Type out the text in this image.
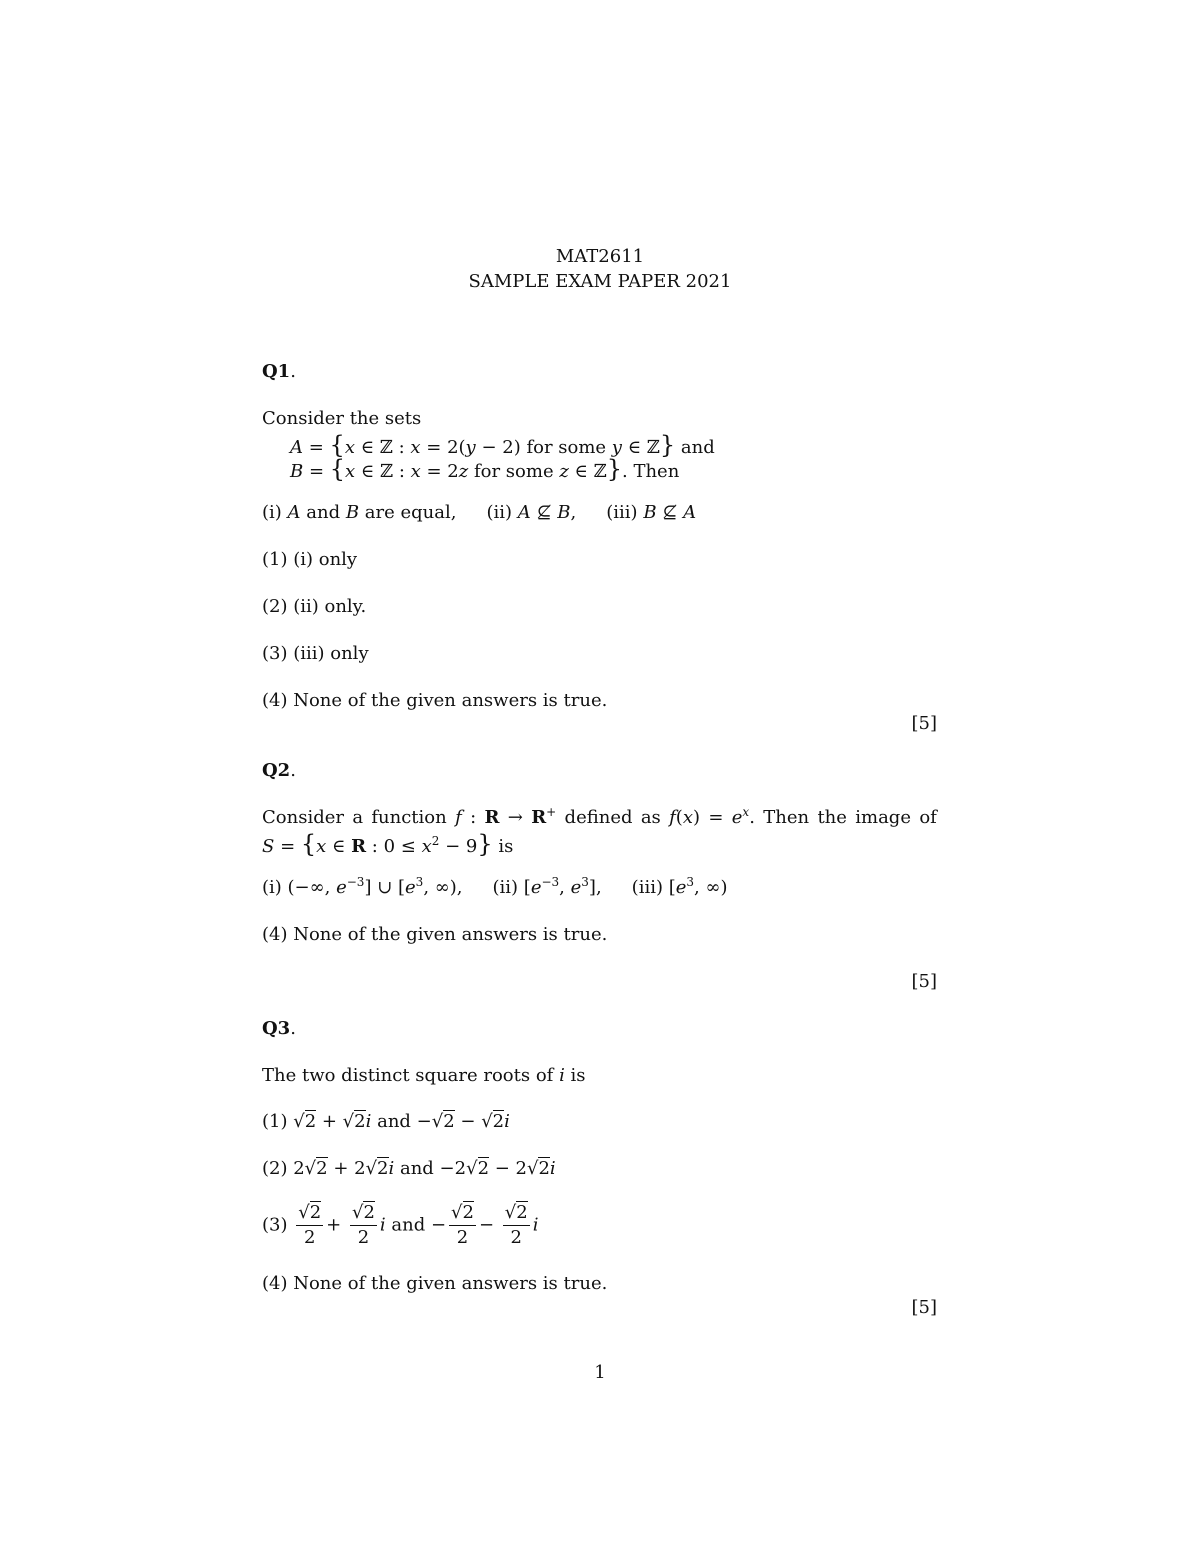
MAT2611
SAMPLE EXAM PAPER 2021
Q1.
Consider the sets
A = {x ∈ ℤ : x = 2(y − 2) for some y ∈ ℤ} and
B = {x ∈ ℤ : x = 2z for some z ∈ ℤ}. Then
(i) A and B are equal, (ii) A ⊈ B, (iii) B ⊈ A
(1) (i) only
(2) (ii) only.
(3) (iii) only
(4) None of the given answers is true.
[5]
Q2.
Consider a function f : R → R+ defined as $f(x) = e^x$. Then the image of
S = {x ∈ R : $0 \le x^2 - 9$} is
(i) (−∞, $e^{-3}$] ∪ [$e^3$, ∞), (ii) [$e^{-3}$, $e^3$], (iii) [$e^3$, ∞)
(4) None of the given answers is true.
[5]
Q3.
The two distinct square roots of i is
(1) √2 + √2i and −√2 − √2i
(2) 2√2 + 2√2i and −2√2 − 2√2i
$(3) \frac{√2}{2} + \frac{√2}{2}$ i and − $\frac{√2}{2} - \frac{√2}{2}$ i
(4) None of the given answers is true.
[5]
1
